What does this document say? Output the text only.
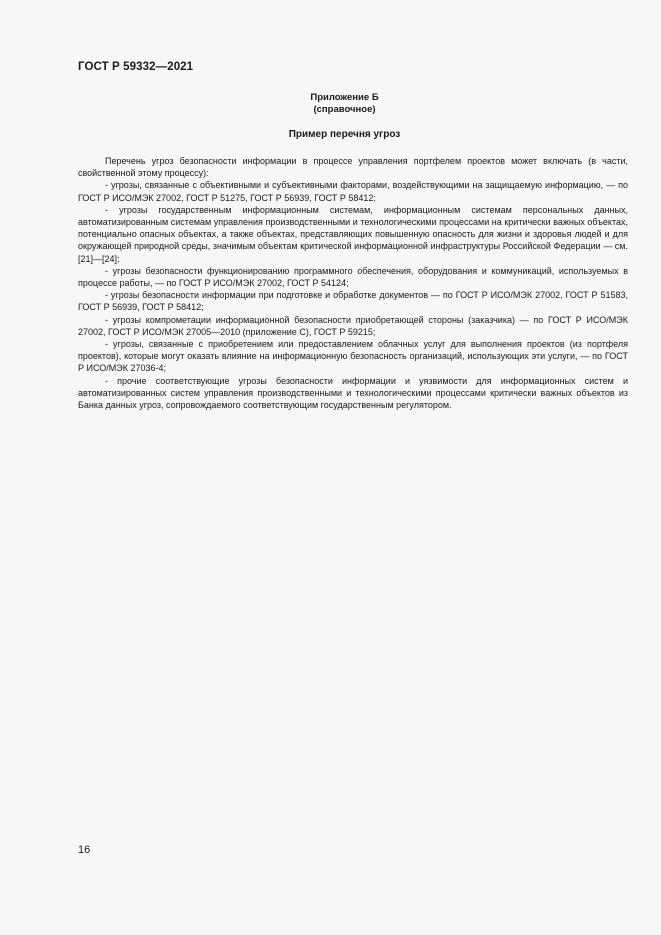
ГОСТ Р 59332—2021
Приложение Б
(справочное)
Пример перечня угроз

Перечень угроз безопасности информации в процессе управления портфелем проектов может включать (в части, свойственной этому процессу):

- угрозы, связанные с объективными и субъективными факторами, воздействующими на защищаемую информацию, — по ГОСТ Р ИСО/МЭК 27002, ГОСТ Р 51275, ГОСТ Р 56939, ГОСТ Р 58412;

- угрозы государственным информационным системам, информационным системам персональных данных, автоматизированным системам управления производственными и технологическими процессами на критически важных объектах, потенциально опасных объектах, а также объектах, представляющих повышенную опасность для жизни и здоровья людей и для окружающей природной среды, значимым объектам критической информационной инфраструктуры Российской Федерации — см. [21]—[24];

- угрозы безопасности функционированию программного обеспечения, оборудования и коммуникаций, используемых в процессе работы, — по ГОСТ Р ИСО/МЭК 27002, ГОСТ Р 54124;

- угрозы безопасности информации при подготовке и обработке документов — по ГОСТ Р ИСО/МЭК 27002, ГОСТ Р 51583, ГОСТ Р 56939, ГОСТ Р 58412;

- угрозы компрометации информационной безопасности приобретающей стороны (заказчика) — по ГОСТ Р ИСО/МЭК 27002, ГОСТ Р ИСО/МЭК 27005—2010 (приложение С), ГОСТ Р 59215;

- угрозы, связанные с приобретением или предоставлением облачных услуг для выполнения проектов (из портфеля проектов), которые могут оказать влияние на информационную безопасность организаций, использующих эти услуги, — по ГОСТ Р ИСО/МЭК 27036-4;

- прочие соответствующие угрозы безопасности информации и уязвимости для информационных систем и автоматизированных систем управления производственными и технологическими процессами критически важных объектов из Банка данных угроз, сопровождаемого соответствующим государственным регулятором.

16
